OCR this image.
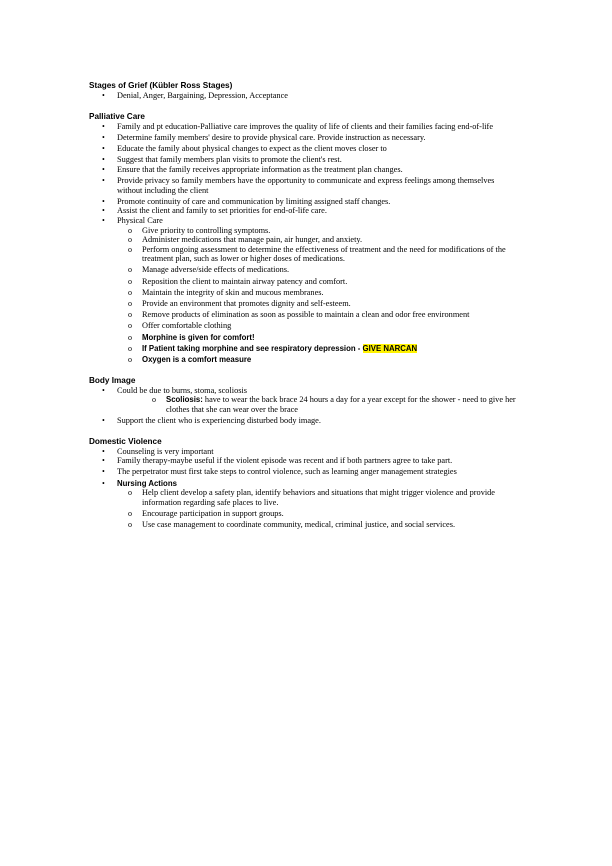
Stages of Grief (Kübler Ross Stages)

• Denial, Anger, Bargaining, Depression, Acceptance

Palliative Care

• Family and pt education-Palliative care improves the quality of life of clients and their families facing end-of-life
• Determine family members' desire to provide physical care. Provide instruction as necessary.
• Educate the family about physical changes to expect as the client moves closer to
• Suggest that family members plan visits to promote the client's rest.
• Ensure that the family receives appropriate information as the treatment plan changes.
• Provide privacy so family members have the opportunity to communicate and express feelings among themselves without including the client
• Promote continuity of care and communication by limiting assigned staff changes.
• Assist the client and family to set priorities for end-of-life care.
• Physical Care
o Give priority to controlling symptoms.
o Administer medications that manage pain, air hunger, and anxiety.
o Perform ongoing assessment to determine the effectiveness of treatment and the need for modifications of the treatment plan, such as lower or higher doses of medications.
o Manage adverse/side effects of medications.
o Reposition the client to maintain airway patency and comfort.
o Maintain the integrity of skin and mucous membranes.
o Provide an environment that promotes dignity and self-esteem.
o Remove products of elimination as soon as possible to maintain a clean and odor free environment
o Offer comfortable clothing
o Morphine is given for comfort!
o If Patient taking morphine and see respiratory depression - GIVE NARCAN
o Oxygen is a comfort measure

Body Image

• Could be due to burns, stoma, scoliosis
o Scoliosis: have to wear the back brace 24 hours a day for a year except for the shower - need to give her clothes that she can wear over the brace
• Support the client who is experiencing disturbed body image.

Domestic Violence

• Counseling is very important
• Family therapy-maybe useful if the violent episode was recent and if both partners agree to take part.
• The perpetrator must first take steps to control violence, such as learning anger management strategies
• Nursing Actions
o Help client develop a safety plan, identify behaviors and situations that might trigger violence and provide information regarding safe places to live.
o Encourage participation in support groups.
o Use case management to coordinate community, medical, criminal justice, and social services.
